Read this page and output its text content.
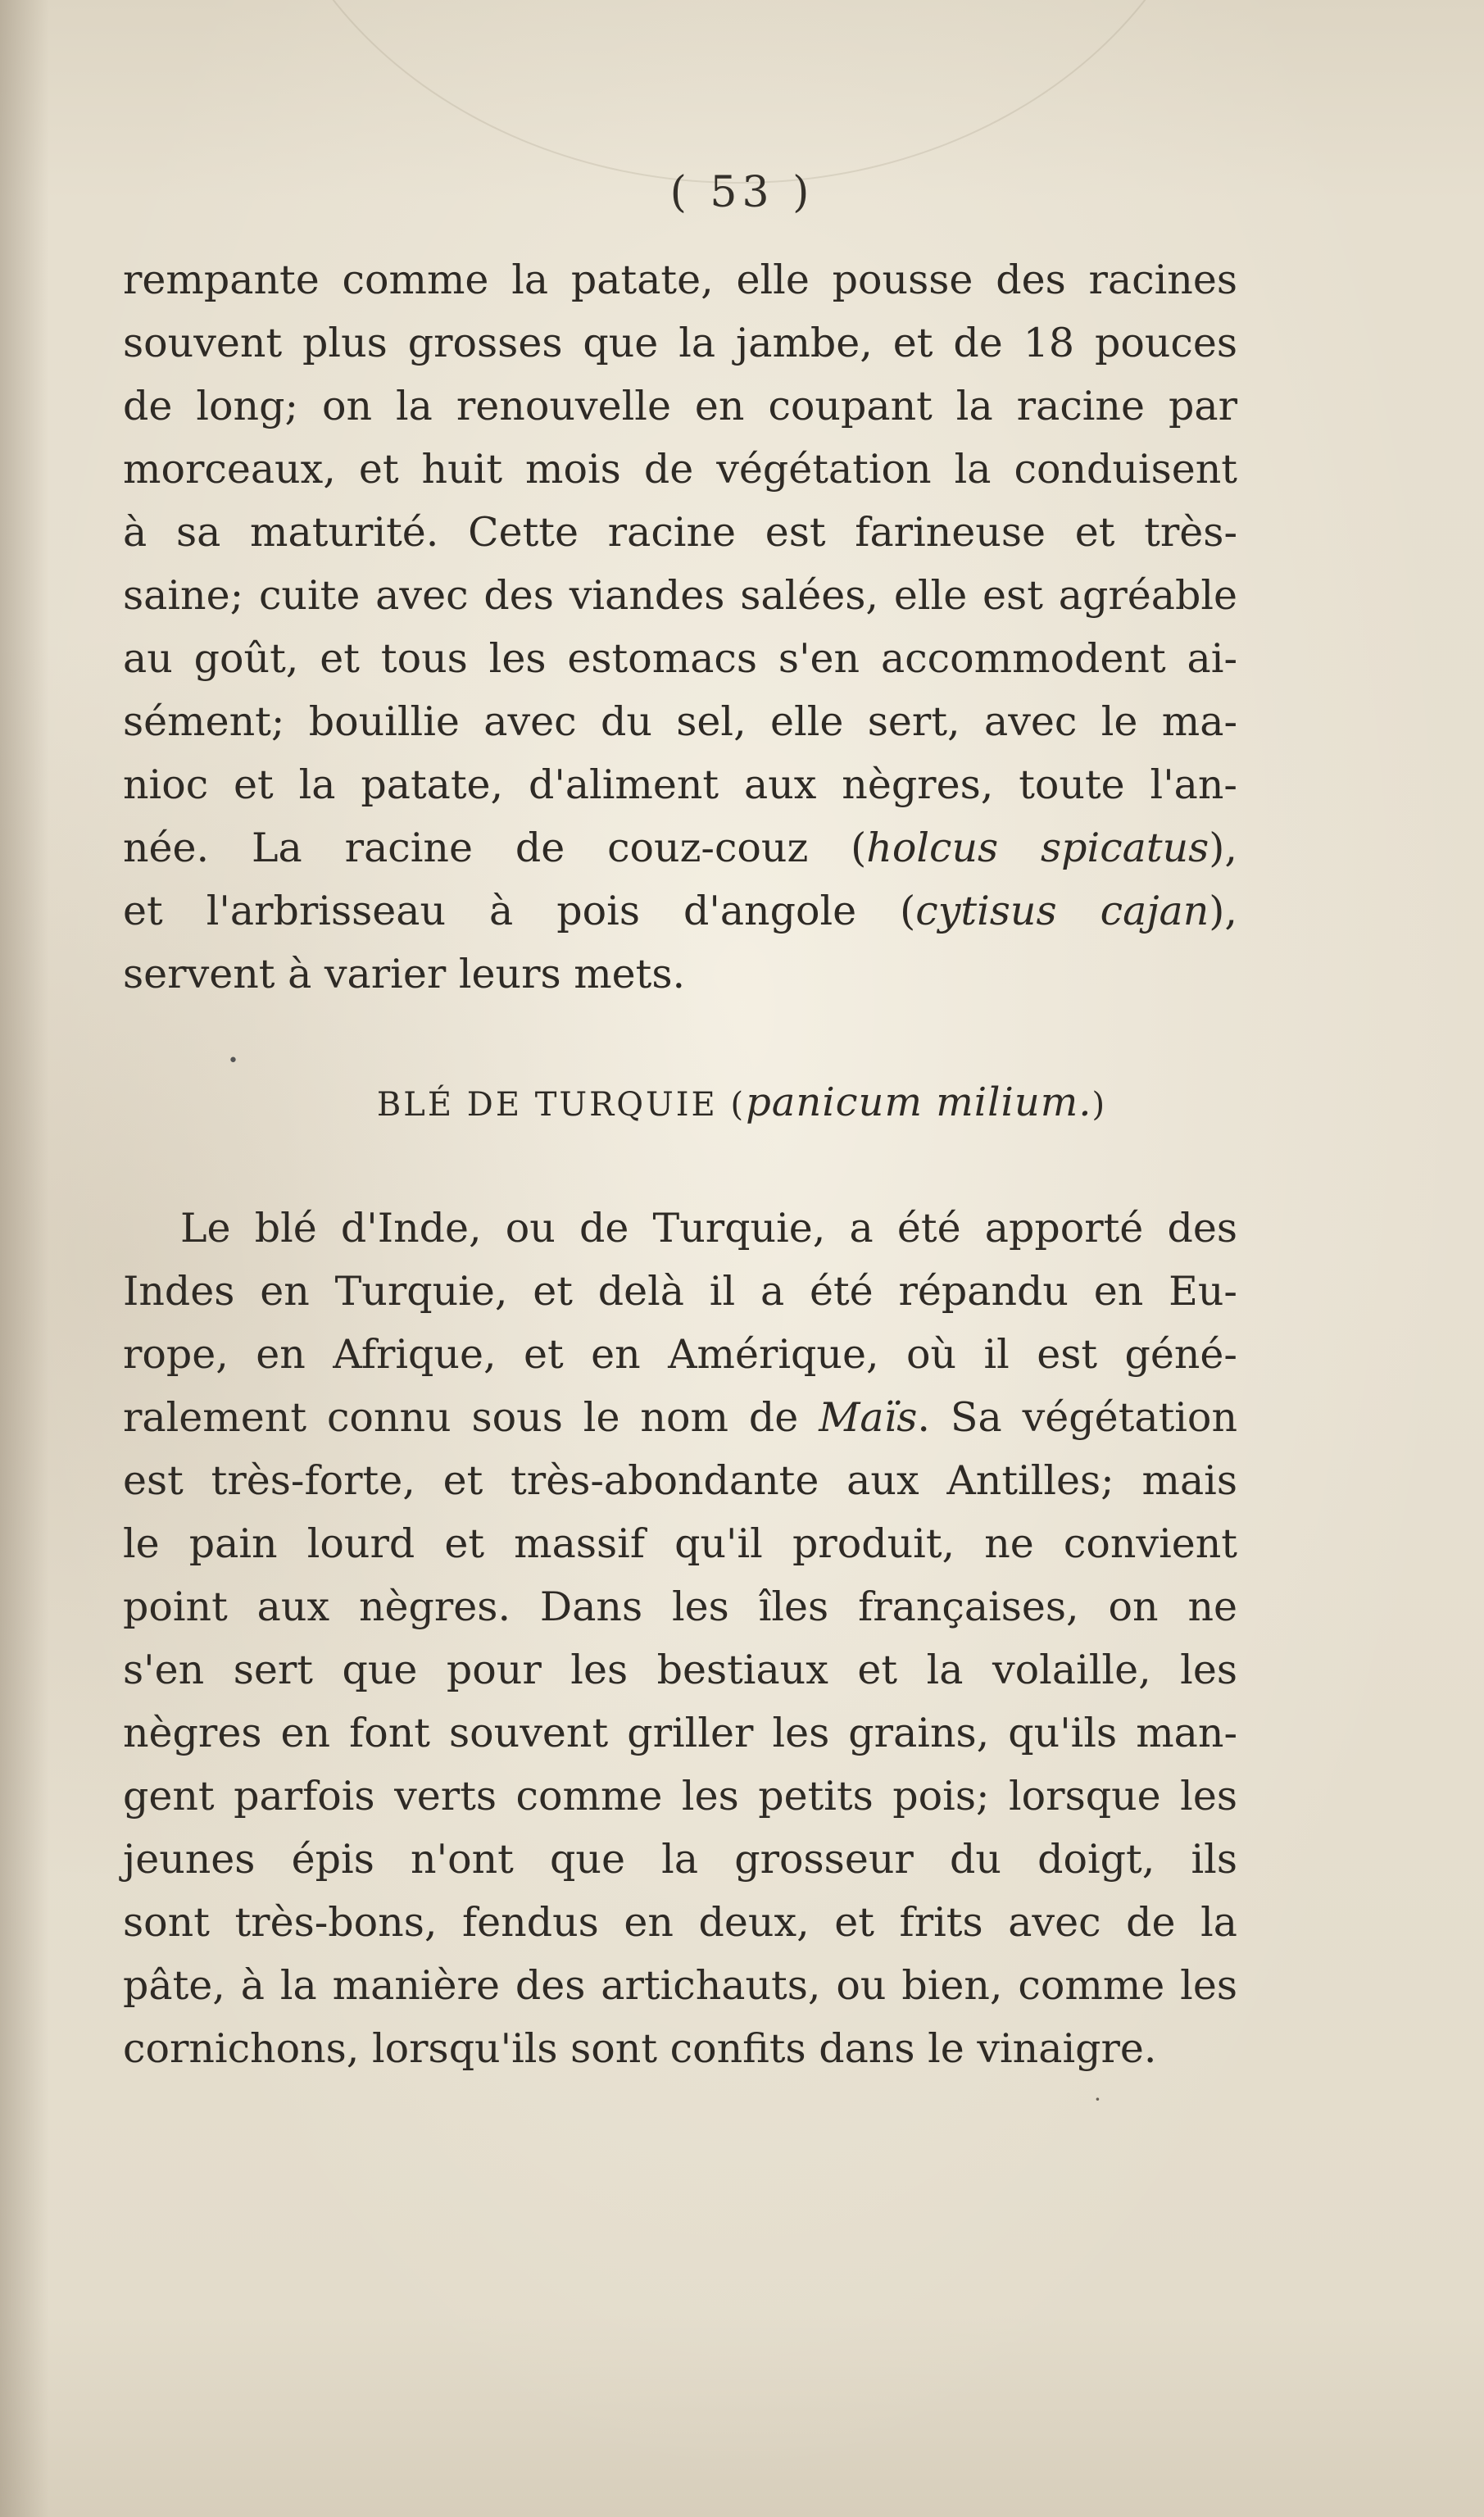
( 53 )
rempante comme la patate, elle pousse des racines
souvent plus grosses que la jambe, et de 18 pouces
de long; on la renouvelle en coupant la racine par
morceaux, et huit mois de végétation la conduisent
à sa maturité. Cette racine est farineuse et très-
saine; cuite avec des viandes salées, elle est agréable
au goût, et tous les estomacs s'en accommodent ai-
sément; bouillie avec du sel, elle sert, avec le ma-
nioc et la patate, d'aliment aux nègres, toute l'an-
née. La racine de couz-couz (holcus spicatus),
et l'arbrisseau à pois d'angole (cytisus cajan),
servent à varier leurs mets.
•
BLÉ DE TURQUIE (panicum milium.)
Le blé d'Inde, ou de Turquie, a été apporté des
Indes en Turquie, et delà il a été répandu en Eu-
rope, en Afrique, et en Amérique, où il est géné-
ralement connu sous le nom de Maïs. Sa végétation
est très-forte, et très-abondante aux Antilles; mais
le pain lourd et massif qu'il produit, ne convient
point aux nègres. Dans les îles françaises, on ne
s'en sert que pour les bestiaux et la volaille, les
nègres en font souvent griller les grains, qu'ils man-
gent parfois verts comme les petits pois; lorsque les
jeunes épis n'ont que la grosseur du doigt, ils
sont très-bons, fendus en deux, et frits avec de la
pâte, à la manière des artichauts, ou bien, comme les
cornichons, lorsqu'ils sont confits dans le vinaigre.
·
